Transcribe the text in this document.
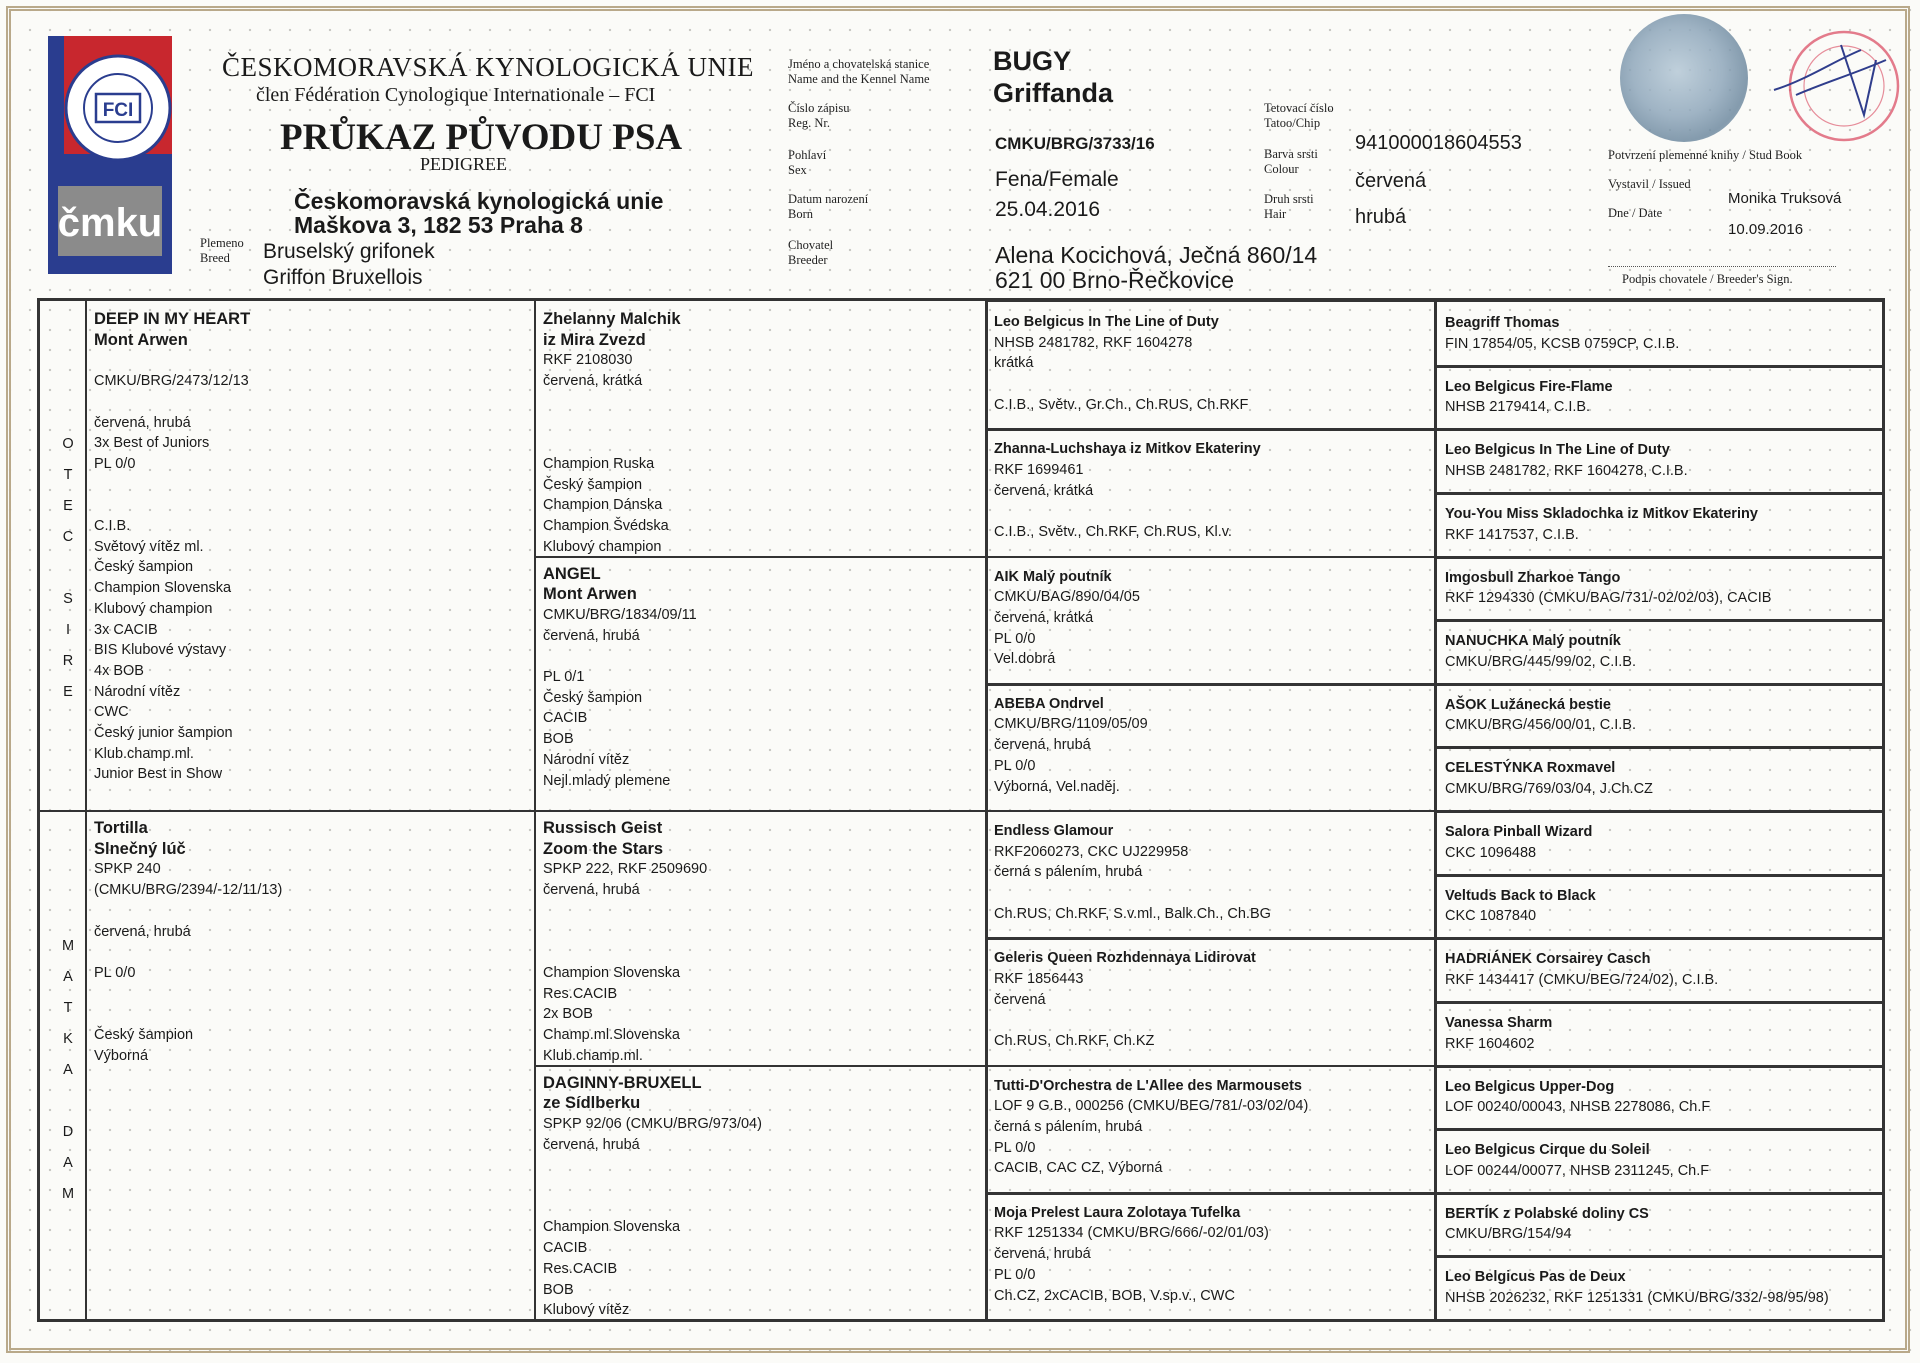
FCI
čmku
ČESKOMORAVSKÁ KYNOLOGICKÁ UNIE
člen Fédération Cynologique Internationale – FCI
PRŮKAZ PŮVODU PSA
PEDIGREE
Českomoravská kynologická unie
Maškova 3, 182 53 Praha 8
Plemeno
Breed	Bruselský grifonek
Griffon Bruxellois
Jméno a chovatelská stanice
Name and the Kennel Name
Číslo zápisu
Reg. Nr.
Pohlaví
Sex
Datum narození
Born
Chovatel
Breeder
BUGY
Griffanda
CMKU/BRG/3733/16
Fena/Female
25.04.2016
Alena Kocichová, Ječná 860/14
621 00 Brno-Řečkovice
Tetovací číslo
Tatoo/Chip
Barva srsti
Colour
Druh srsti
Hair
941000018604553
červená
hrubá
Potvrzení plemenné knihy / Stud Book
Vystavil / Issued
Monika Truksová
Dne / Date
10.09.2016
Podpis chovatele / Breeder's Sign.
O
T
E
C

S
I
R
E
M
A
T
K
A

D
A
M
DEEP IN MY HEART
Mont Arwen

CMKU/BRG/2473/12/13

červená, hrubá
3x Best of Juniors
PL 0/0

C.I.B.
Světový vítěz ml.
Český šampion
Champion Slovenska
Klubový champion
3x CACIB
BIS Klubové výstavy
4x BOB
Národní vítěz
CWC
Český junior šampion
Klub.champ.ml.
Junior Best in Show
Tortilla
Slnečný lúč
SPKP 240
(CMKU/BRG/2394/-12/11/13)

červená, hrubá

PL 0/0

Český šampion
Výborná
Zhelanny Malchik
iz Mira Zvezd
RKF 2108030
červená, krátká

Champion Ruska
Český šampion
Champion Dánska
Champion Švédska
Klubový champion
ANGEL
Mont Arwen
CMKU/BRG/1834/09/11
červená, hrubá

PL 0/1
Český šampion
CACIB
BOB
Národní vítěz
Nejl.mladý plemene
Russisch Geist
Zoom the Stars
SPKP 222, RKF 2509690
červená, hrubá

Champion Slovenska
Res.CACIB
2x BOB
Champ.ml.Slovenska
Klub.champ.ml.
DAGINNY-BRUXELL
ze Sídlberku
SPKP 92/06 (CMKU/BRG/973/04)
červená, hrubá

Champion Slovenska
CACIB
Res.CACIB
BOB
Klubový vítěz
Leo Belgicus In The Line of Duty
NHSB 2481782, RKF 1604278
krátká

C.I.B., Světv., Gr.Ch., Ch.RUS, Ch.RKF
Zhanna-Luchshaya iz Mitkov Ekateriny
RKF 1699461
červená, krátká

C.I.B., Světv., Ch.RKF, Ch.RUS, Kl.v.
AIK Malý poutník
CMKU/BAG/890/04/05
červená, krátká
PL 0/0
Vel.dobrá
ABEBA Ondrvel
CMKU/BRG/1109/05/09
červená, hrubá
PL 0/0
Výborná, Vel.naděj.
Endless Glamour
RKF2060273, CKC UJ229958
černá s pálením, hrubá

Ch.RUS, Ch.RKF, S.v.ml., Balk.Ch., Ch.BG
Geleris Queen Rozhdennaya Lidirovat
RKF 1856443
červená

Ch.RUS, Ch.RKF, Ch.KZ
Tutti-D'Orchestra de L'Allee des Marmousets
LOF 9 G.B., 000256 (CMKU/BEG/781/-03/02/04)
černá s pálením, hrubá
PL 0/0
CACIB, CAC CZ, Výborná
Moja Prelest Laura Zolotaya Tufelka
RKF 1251334 (CMKU/BRG/666/-02/01/03)
červená, hrubá
PL 0/0
Ch.CZ, 2xCACIB, BOB, V.sp.v., CWC
Beagriff Thomas
FIN 17854/05, KCSB 0759CP, C.I.B.
Leo Belgicus Fire-Flame
NHSB 2179414, C.I.B.
Leo Belgicus In The Line of Duty
NHSB 2481782, RKF 1604278, C.I.B.
You-You Miss Skladochka iz Mitkov Ekateriny
RKF 1417537, C.I.B.
Imgosbull Zharkoe Tango
RKF 1294330 (CMKU/BAG/731/-02/02/03), CACIB
NANUCHKA Malý poutník
CMKU/BRG/445/99/02, C.I.B.
AŠOK Lužánecká bestie
CMKU/BRG/456/00/01, C.I.B.
CELESTÝNKA Roxmavel
CMKU/BRG/769/03/04, J.Ch.CZ
Salora Pinball Wizard
CKC 1096488
Veltuds Back to Black
CKC 1087840
HADRIÁNEK Corsairey Casch
RKF 1434417 (CMKU/BEG/724/02), C.I.B.
Vanessa Sharm
RKF 1604602
Leo Belgicus Upper-Dog
LOF 00240/00043, NHSB 2278086, Ch.F
Leo Belgicus Cirque du Soleil
LOF 00244/00077, NHSB 2311245, Ch.F
BERTÍK z Polabské doliny CS
CMKU/BRG/154/94
Leo Belgicus Pas de Deux
NHSB 2026232, RKF 1251331 (CMKU/BRG/332/-98/95/98)
